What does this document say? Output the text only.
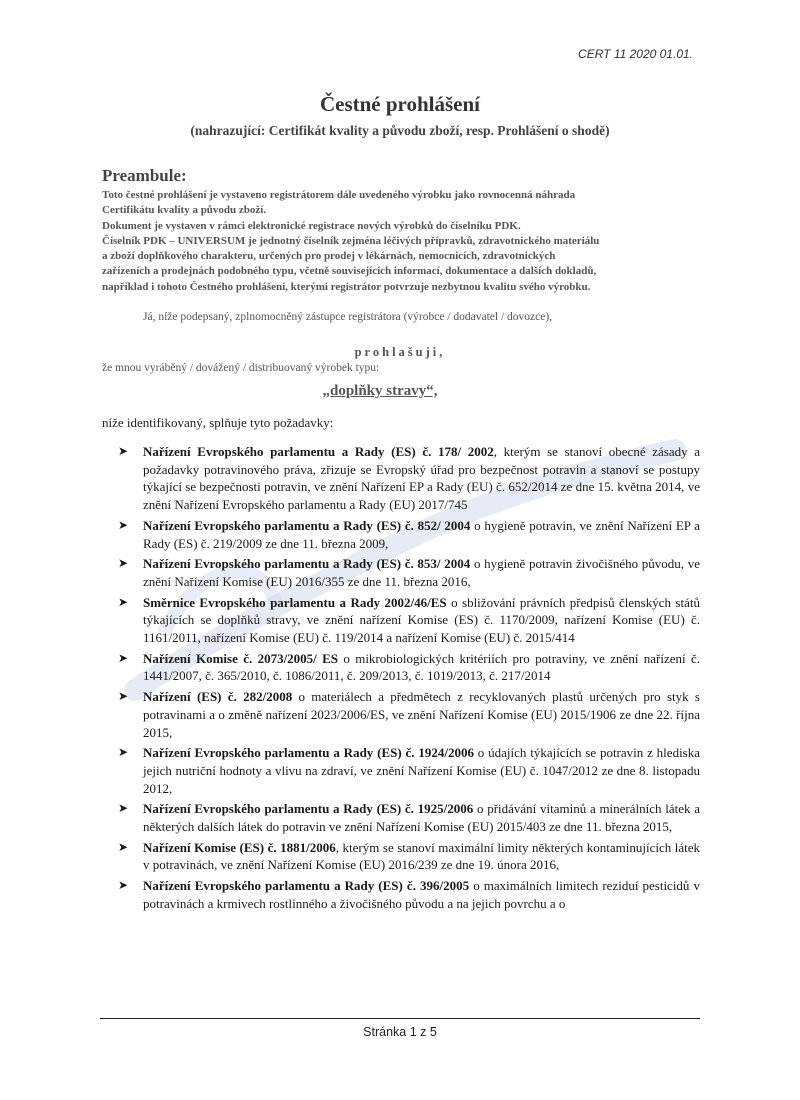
CERT 11 2020 01.01.
Čestné prohlášení
(nahrazující: Certifikát kvality a původu zboží, resp. Prohlášení o shodě)
Preambule:
Toto čestné prohlášení je vystaveno registrátorem dále uvedeného výrobku jako rovnocenná náhrada
Certifikátu kvality a původu zboží.
Dokument je vystaven v rámci elektronické registrace nových výrobků do číselníku PDK.
Číselník PDK – UNIVERSUM je jednotný číselník zejména léčivých přípravků, zdravotnického materiálu
a zboží doplňkového charakteru, určených pro prodej v lékárnách, nemocnicích, zdravotnických
zařízeních a prodejnách podobného typu, včetně souvisejících informací, dokumentace a dalších dokladů,
například i tohoto Čestného prohlášení, kterými registrátor potvrzuje nezbytnou kvalitu svého výrobku.
Já, níže podepsaný, zplnomocněný zástupce registrátora (výrobce / dodavatel / dovozce),
prohlašuji,
že mnou vyráběný / dovážený / distribuovaný výrobek typu:
„doplňky stravy“,
níže identifikovaný, splňuje tyto požadavky:
➤ Nařízení Evropského parlamentu a Rady (ES) č. 178/ 2002, kterým se stanoví obecné zásady a požadavky potravinového práva, zřizuje se Evropský úřad pro bezpečnost potravin a stanoví se postupy týkající se bezpečnosti potravin, ve znění Nařízení EP a Rady (EU) č. 652/2014 ze dne 15. května 2014, ve znění Nařízení Evropského parlamentu a Rady (EU) 2017/745
➤ Nařízení Evropského parlamentu a Rady (ES) č. 852/ 2004 o hygieně potravin, ve znění Nařízení EP a Rady (ES) č. 219/2009 ze dne 11. března 2009,
➤ Nařízení Evropského parlamentu a Rady (ES) č. 853/ 2004 o hygieně potravin živočišného původu, ve znění Nařízení Komise (EU) 2016/355 ze dne 11. března 2016,
➤ Směrnice Evropského parlamentu a Rady 2002/46/ES o sbližování právních předpisů členských států týkajících se doplňků stravy, ve znění nařízení Komise (ES) č. 1170/2009, nařízení Komise (EU) č. 1161/2011, nařízení Komise (EU) č. 119/2014 a nařízení Komise (EU) č. 2015/414
➤ Nařízení Komise č. 2073/2005/ ES o mikrobiologických kritériích pro potraviny, ve znění nařízení č. 1441/2007, č. 365/2010, č. 1086/2011, č. 209/2013, č. 1019/2013, č. 217/2014
➤ Nařízení (ES) č. 282/2008 o materiálech a předmětech z recyklovaných plastů určených pro styk s potravinami a o změně nařízení 2023/2006/ES, ve znění Nařízení Komise (EU) 2015/1906 ze dne 22. října 2015,
➤ Nařízení Evropského parlamentu a Rady (ES) č. 1924/2006 o údajích týkajících se potravin z hlediska jejich nutriční hodnoty a vlivu na zdraví, ve znění Nařízení Komise (EU) č. 1047/2012 ze dne 8. listopadu 2012,
➤ Nařízení Evropského parlamentu a Rady (ES) č. 1925/2006 o přidávání vitaminů a minerálních látek a některých dalších látek do potravin ve znění Nařízení Komise (EU) 2015/403 ze dne 11. března 2015,
➤ Nařízení Komise (ES) č. 1881/2006, kterým se stanoví maximální limity některých kontaminujících látek v potravinách, ve znění Nařízení Komise (EU) 2016/239 ze dne 19. února 2016,
➤ Nařízení Evropského parlamentu a Rady (ES) č. 396/2005 o maximálních limitech reziduí pesticidů v potravinách a krmivech rostlinného a živočišného původu a na jejich povrchu a o
Stránka 1 z 5
